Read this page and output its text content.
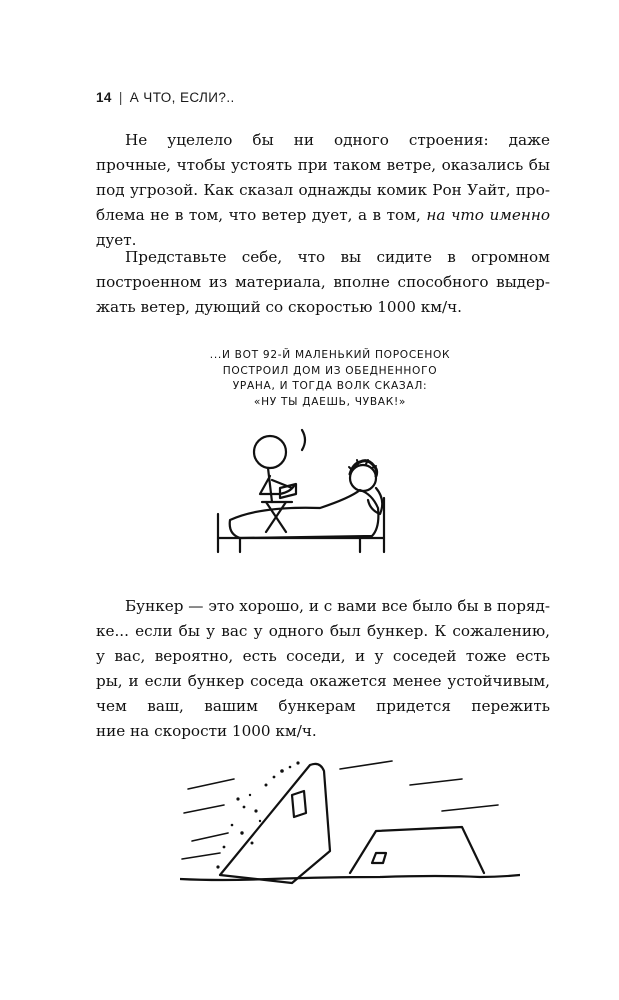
14 | А ЧТО, ЕСЛИ?..
Не уцелело бы ни одного строения: даже
прочные, чтобы устоять при таком ветре, оказались бы
под угрозой. Как сказал однажды комик Рон Уайт, про-
блема не в том, что ветер дует, а в том, на что именно
дует.
Представьте себе, что вы сидите в огромном
построенном из материала, вполне способного выдер-
жать ветер, дующий со скоростью 1000 км/ч.
...И ВОТ 92-Й МАЛЕНЬКИЙ ПОРОСЕНОК
ПОСТРОИЛ ДОМ ИЗ ОБЕДНЕННОГО
УРАНА, И ТОГДА ВОЛК СКАЗАЛ:
«НУ ТЫ ДАЕШЬ, ЧУВАК!»
Бункер — это хорошо, и с вами все было бы в поряд-
ке... если бы у вас у одного был бункер. К сожалению,
у вас, вероятно, есть соседи, и у соседей тоже есть
ры, и если бункер соседа окажется менее устойчивым,
чем ваш, вашим бункерам придется пережить
ние на скорости 1000 км/ч.
